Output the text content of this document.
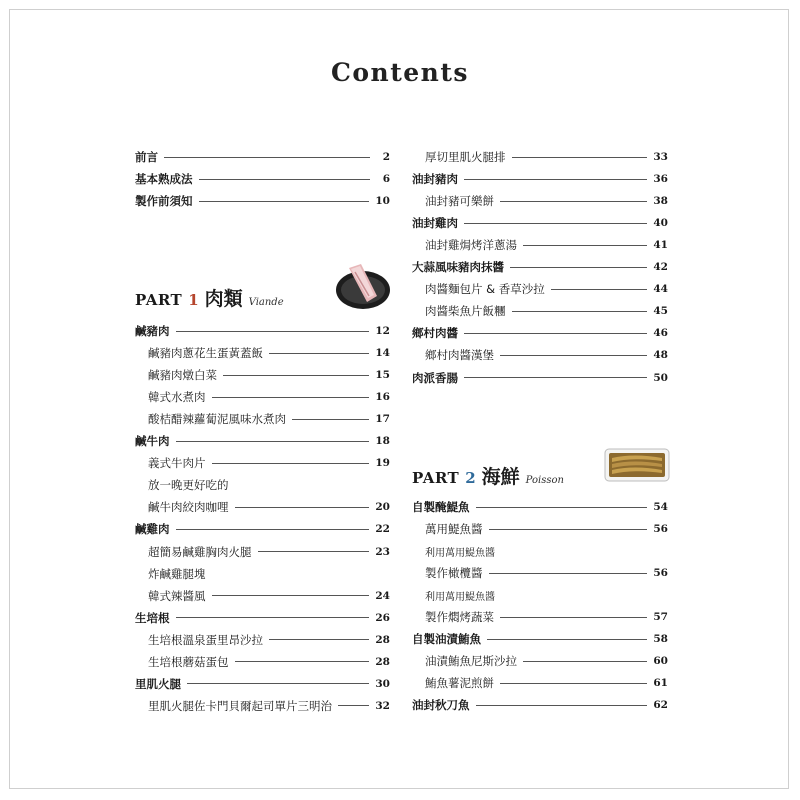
Contents
前言	2
基本熟成法	6
製作前須知	10
鹹豬肉	12
鹹豬肉蔥花生蛋黃蓋飯	14
鹹豬肉燉白菜	15
韓式水煮肉	16
酸桔醋辣蘿蔔泥風味水煮肉	17
鹹牛肉	18
義式牛肉片	19
放一晚更好吃的
鹹牛肉絞肉咖哩	20
鹹雞肉	22
超簡易鹹雞胸肉火腿	23
炸鹹雞腿塊
韓式辣醬風	24
生培根	26
生培根溫泉蛋里昂沙拉	28
生培根蘑菇蛋包	28
里肌火腿	30
里肌火腿佐卡門貝爾起司單片三明治	32
厚切里肌火腿排	33
油封豬肉	36
油封豬可樂餅	38
油封雞肉	40
油封雞焗烤洋蔥湯	41
大蒜風味豬肉抹醬	42
肉醬麵包片 & 香草沙拉	44
肉醬柴魚片飯糰	45
鄉村肉醬	46
鄉村肉醬漢堡	48
肉派香腸	50
自製醃鯷魚	54
萬用鯷魚醬	56
利用萬用鯷魚醬
製作橄欖醬	56
利用萬用鯷魚醬
製作燜烤蔬菜	57
自製油漬鮪魚	58
油漬鮪魚尼斯沙拉	60
鮪魚薯泥煎餅	61
油封秋刀魚	62
PART 1 肉類 Viande
PART 2 海鮮 Poisson
